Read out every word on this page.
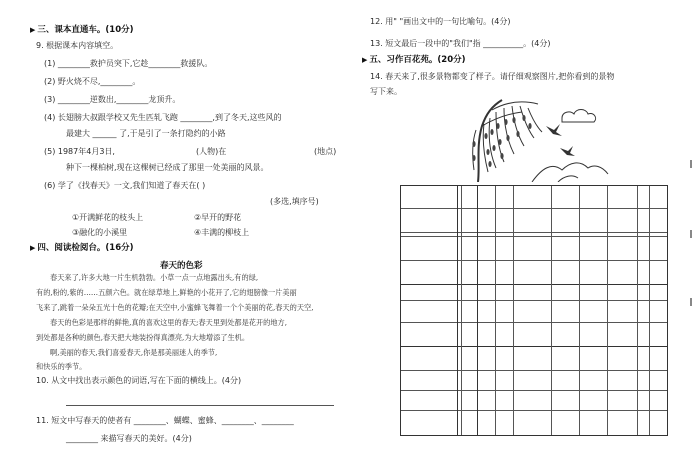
▶ 三、课本直通车。(10分)
9. 根据课本内容填空。
(1) ________救护员突下,它趁________救援队。
(2) 野火烧不尽,________。
(3) ________逆数出,________龙顶升。
(4) 长翅膀大叔跟学校又先生匹轧飞跑 ________,到了冬天,这些风的
最建大 ______ 了,于是引了一条打隐约的小路
(5) 1987年4月3日,	(人物)在	(地点)
种下一棵柏树,现在这棵树已经成了那里一处美丽的风景。
(6) 学了《找春天》一文,我们知道了春天在( )
(多选,填序号)
①开满鲜花的枝头上	②早开的野花
③融化的小溪里	④丰满的柳枝上
▶ 四、阅读检阅台。(16分)
春天的色彩
春天来了,许多大地一片生机勃勃。小草一点一点地露出头,有的绿,
有的,粉的,紫的……五颜六色。就在绿草地上,鲜艳的小花开了,它的翅膀像一片美丽
飞来了,跳着一朵朵五光十色的花瓣;在天空中,小蜜蜂飞舞着一个个美丽的花,春天的天空,
春天的色彩是那样的鲜艳,真的喜欢这里的春天;春天里到处都是花开的地方,
到处都是各种的颜色,春天把大地装扮得真漂亮,为大地增添了生机。
啊,美丽的春天,我们喜爱春天,你是那美丽迷人的季节,
和快乐的季节。
10. 从文中找出表示颜色的词语,写在下面的横线上。(4分)
11. 短文中写春天的使者有 ________、蝴蝶、蜜蜂、________、________
________ 来描写春天的美好。(4分)
12. 用" "画出文中的一句比喻句。(4分)
13. 短文最后一段中的"我们"指 __________。(4分)
▶ 五、习作百花苑。(20分)
14. 春天来了,很多景物都变了样子。请仔细观察图片,把你看到的景物
写下来。
